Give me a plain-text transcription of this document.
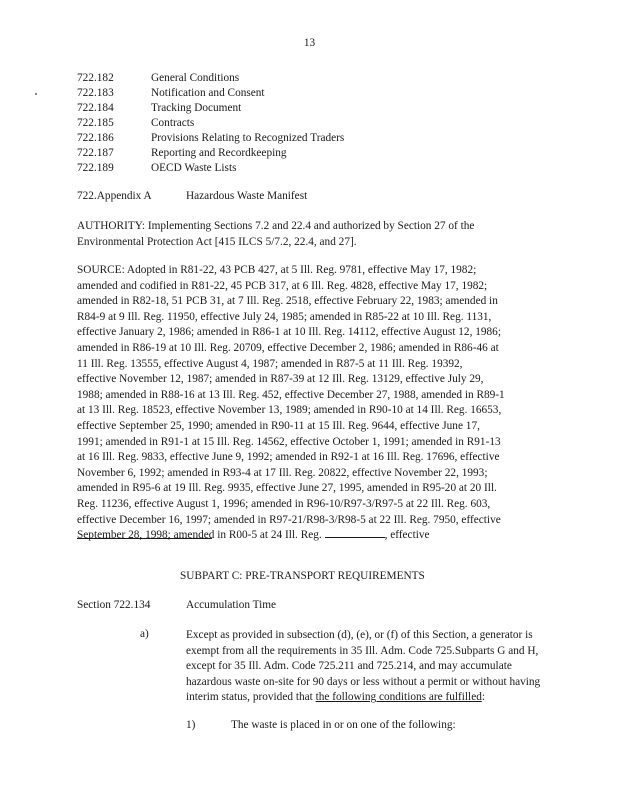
13
722.182	General Conditions
722.183	Notification and Consent
722.184	Tracking Document
722.185	Contracts
722.186	Provisions Relating to Recognized Traders
722.187	Reporting and Recordkeeping
722.189	OECD Waste Lists
722.Appendix A	Hazardous Waste Manifest
AUTHORITY: Implementing Sections 7.2 and 22.4 and authorized by Section 27 of the
Environmental Protection Act [415 ILCS 5/7.2, 22.4, and 27].
SOURCE: Adopted in R81-22, 43 PCB 427, at 5 Ill. Reg. 9781, effective May 17, 1982;
amended and codified in R81-22, 45 PCB 317, at 6 Ill. Reg. 4828, effective May 17, 1982;
amended in R82-18, 51 PCB 31, at 7 Ill. Reg. 2518, effective February 22, 1983; amended in
R84-9 at 9 Ill. Reg. 11950, effective July 24, 1985; amended in R85-22 at 10 Ill. Reg. 1131,
effective January 2, 1986; amended in R86-1 at 10 Ill. Reg. 14112, effective August 12, 1986;
amended in R86-19 at 10 Ill. Reg. 20709, effective December 2, 1986; amended in R86-46 at
11 Ill. Reg. 13555, effective August 4, 1987; amended in R87-5 at 11 Ill. Reg. 19392,
effective November 12, 1987; amended in R87-39 at 12 Ill. Reg. 13129, effective July 29,
1988; amended in R88-16 at 13 Ill. Reg. 452, effective December 27, 1988, amended in R89-1
at 13 Ill. Reg. 18523, effective November 13, 1989; amended in R90-10 at 14 Ill. Reg. 16653,
effective September 25, 1990; amended in R90-11 at 15 Ill. Reg. 9644, effective June 17,
1991; amended in R91-1 at 15 Ill. Reg. 14562, effective October 1, 1991; amended in R91-13
at 16 Ill. Reg. 9833, effective June 9, 1992; amended in R92-1 at 16 Ill. Reg. 17696, effective
November 6, 1992; amended in R93-4 at 17 Ill. Reg. 20822, effective November 22, 1993;
amended in R95-6 at 19 Ill. Reg. 9935, effective June 27, 1995, amended in R95-20 at 20 Ill.
Reg. 11236, effective August 1, 1996; amended in R96-10/R97-3/R97-5 at 22 Ill. Reg. 603,
effective December 16, 1997; amended in R97-21/R98-3/R98-5 at 22 Ill. Reg. 7950, effective
September 28, 1998; amended in R00-5 at 24 Ill. Reg.	, effective
SUBPART C: PRE-TRANSPORT REQUIREMENTS
Section 722.134	Accumulation Time
a)	Except as provided in subsection (d), (e), or (f) of this Section, a generator is
exempt from all the requirements in 35 Ill. Adm. Code 725.Subparts G and H,
except for 35 Ill. Adm. Code 725.211 and 725.214, and may accumulate
hazardous waste on-site for 90 days or less without a permit or without having
interim status, provided that the following conditions are fulfilled:
1)	The waste is placed in or on one of the following:
